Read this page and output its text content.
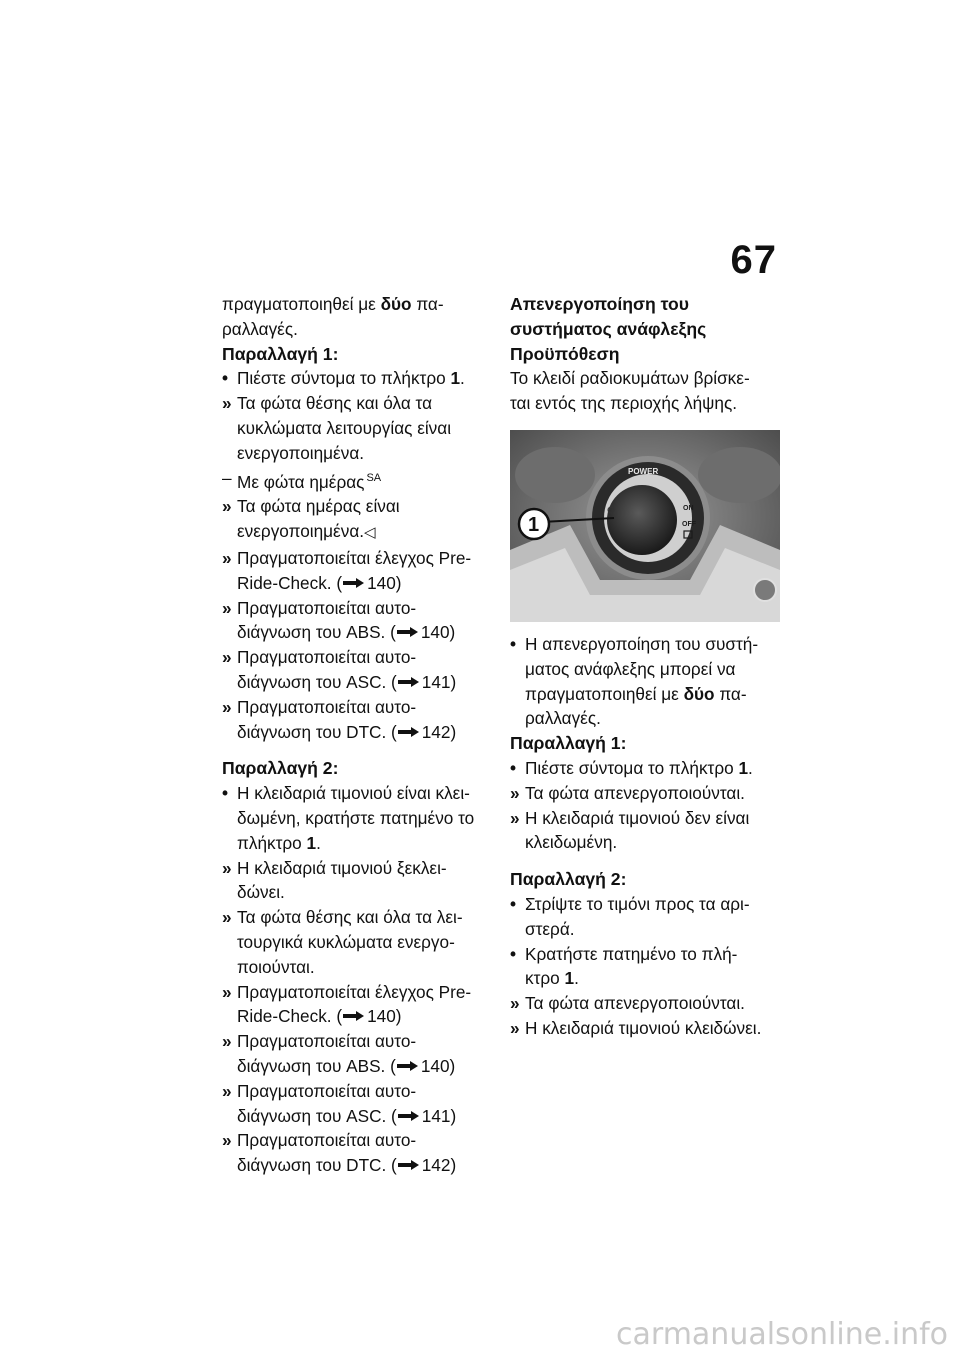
67
πραγματοποιηθεί με δύο πα-
ραλλαγές.
Παραλλαγή 1:
• Πιέστε σύντομα το πλήκτρο 1.
» Τα φώτα θέσης και όλα τα
κυκλώματα λειτουργίας είναι
ενεργοποιημένα.
– Με φώτα ημέρας $^{SA}$
» Τα φώτα ημέρας είναι
ενεργοποιημένα.◁
» Πραγματοποιείται έλεγχος Pre-
Ride-Check. ( 140)
» Πραγματοποιείται αυτο-
διάγνωση του ABS. ( 140)
» Πραγματοποιείται αυτο-
διάγνωση του ASC. ( 141)
» Πραγματοποιείται αυτο-
διάγνωση του DTC. ( 142)
Παραλλαγή 2:
• Η κλειδαριά τιμονιού είναι κλει-
δωμένη, κρατήστε πατημένο το
πλήκτρο 1.
» Η κλειδαριά τιμονιού ξεκλει-
δώνει.
» Τα φώτα θέσης και όλα τα λει-
τουργικά κυκλώματα ενεργο-
ποιούνται.
» Πραγματοποιείται έλεγχος Pre-
Ride-Check. ( 140)
» Πραγματοποιείται αυτο-
διάγνωση του ABS. ( 140)
» Πραγματοποιείται αυτο-
διάγνωση του ASC. ( 141)
» Πραγματοποιείται αυτο-
διάγνωση του DTC. ( 142)
Απενεργοποίηση του
συστήματος ανάφλεξης
Προϋπόθεση
Το κλειδί ραδιοκυμάτων βρίσκε-
ται εντός της περιοχής λήψης.
POWER
ON
OFF
1
• Η απενεργοποίηση του συστή-
ματος ανάφλεξης μπορεί να
πραγματοποιηθεί με δύο πα-
ραλλαγές.
Παραλλαγή 1:
• Πιέστε σύντομα το πλήκτρο 1.
» Τα φώτα απενεργοποιούνται.
» Η κλειδαριά τιμονιού δεν είναι
κλειδωμένη.
Παραλλαγή 2:
• Στρίψτε το τιμόνι προς τα αρι-
στερά.
• Κρατήστε πατημένο το πλή-
κτρο 1.
» Τα φώτα απενεργοποιούνται.
» Η κλειδαριά τιμονιού κλειδώνει.
carmanualsonline.info
